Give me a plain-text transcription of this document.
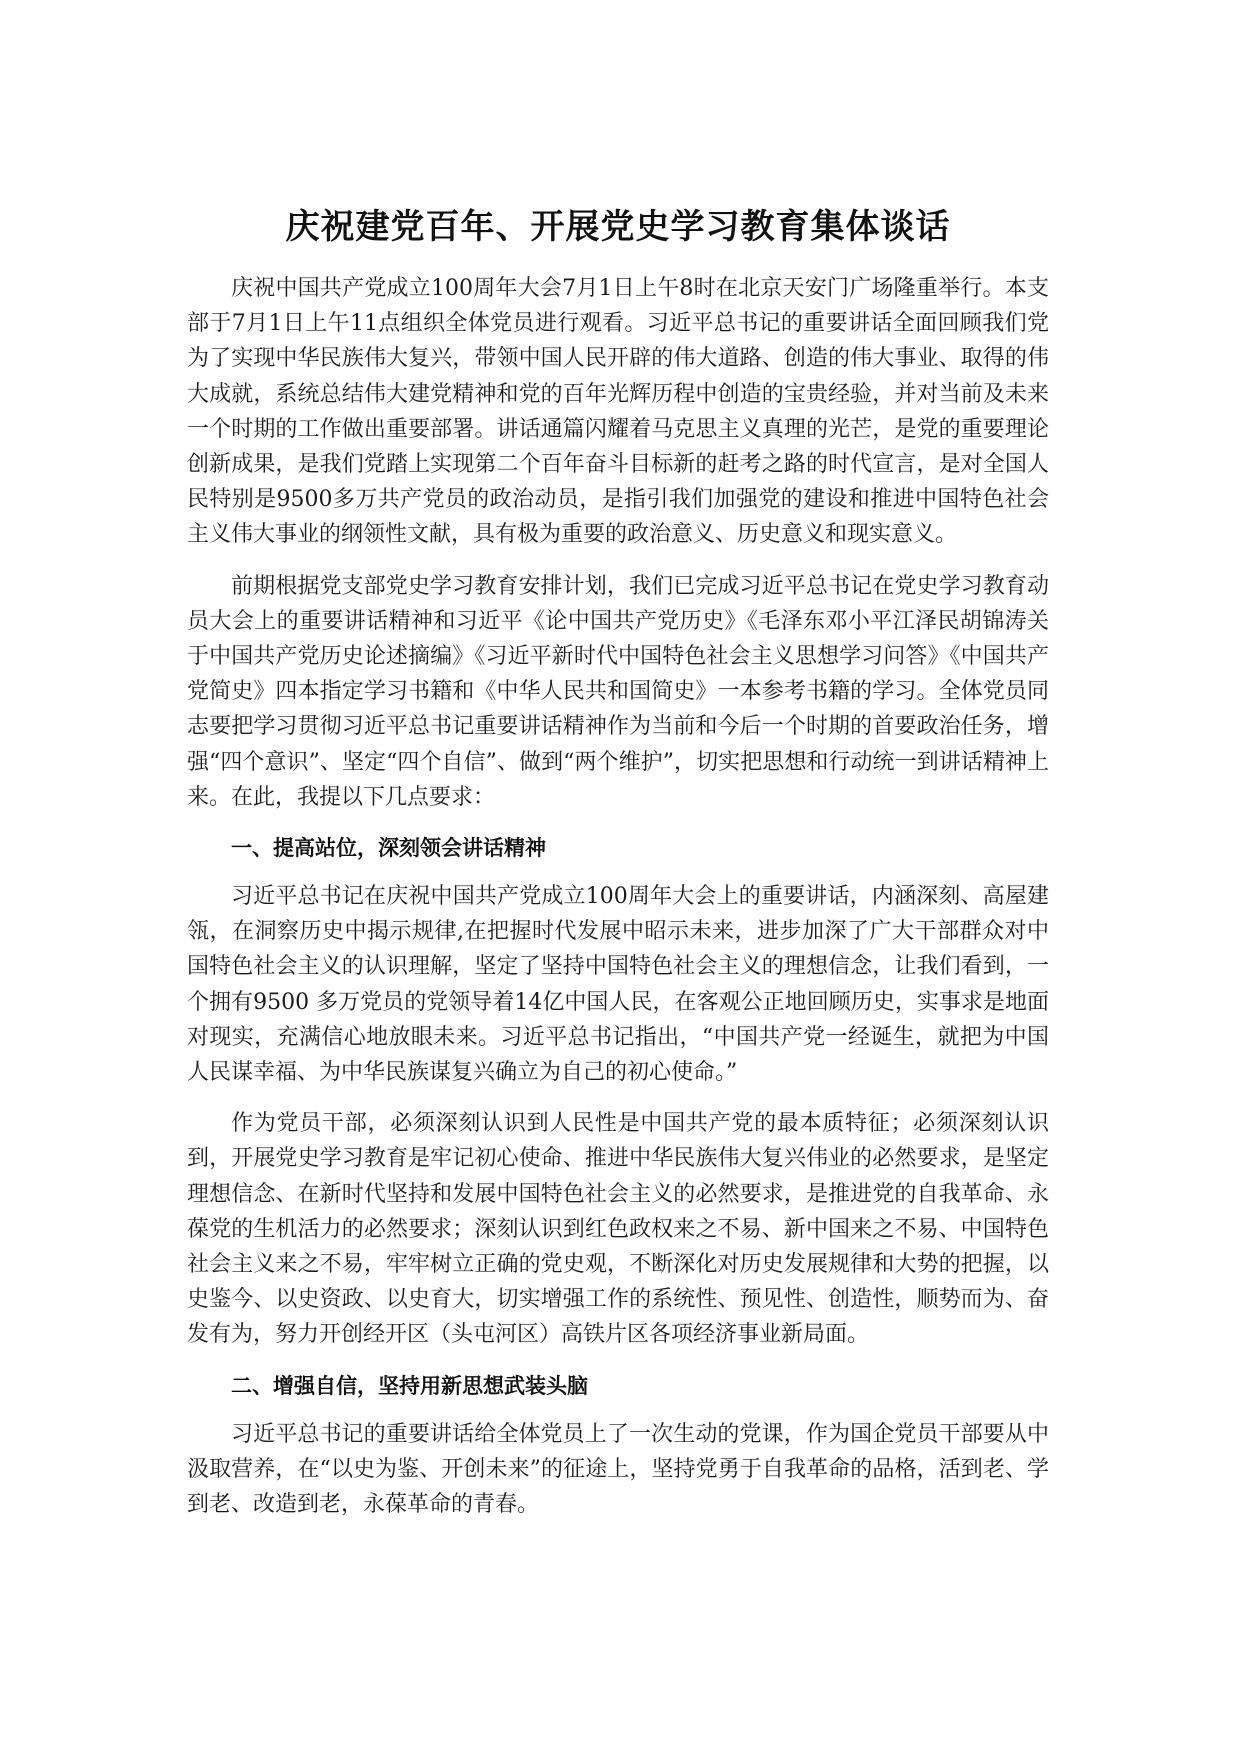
庆祝建党百年、开展党史学习教育集体谈话

庆祝中国共产党成立100周年大会7月1日上午8时在北京天安门广场隆重举行。本支部于7月1日上午11点组织全体党员进行观看。习近平总书记的重要讲话全面回顾我们党为了实现中华民族伟大复兴，带领中国人民开辟的伟大道路、创造的伟大事业、取得的伟大成就，系统总结伟大建党精神和党的百年光辉历程中创造的宝贵经验，并对当前及未来一个时期的工作做出重要部署。讲话通篇闪耀着马克思主义真理的光芒，是党的重要理论创新成果，是我们党踏上实现第二个百年奋斗目标新的赶考之路的时代宣言，是对全国人民特别是9500多万共产党员的政治动员，是指引我们加强党的建设和推进中国特色社会主义伟大事业的纲领性文献，具有极为重要的政治意义、历史意义和现实意义。

前期根据党支部党史学习教育安排计划，我们已完成习近平总书记在党史学习教育动员大会上的重要讲话精神和习近平《论中国共产党历史》《毛泽东邓小平江泽民胡锦涛关于中国共产党历史论述摘编》《习近平新时代中国特色社会主义思想学习问答》《中国共产党简史》四本指定学习书籍和《中华人民共和国简史》一本参考书籍的学习。全体党员同志要把学习贯彻习近平总书记重要讲话精神作为当前和今后一个时期的首要政治任务，增强“四个意识”、坚定“四个自信”、做到“两个维护”，切实把思想和行动统一到讲话精神上来。在此，我提以下几点要求：

一、提高站位，深刻领会讲话精神

习近平总书记在庆祝中国共产党成立100周年大会上的重要讲话，内涵深刻、高屋建瓴，在洞察历史中揭示规律,在把握时代发展中昭示未来，进步加深了广大干部群众对中国特色社会主义的认识理解，坚定了坚持中国特色社会主义的理想信念，让我们看到，一个拥有9500 多万党员的党领导着14亿中国人民，在客观公正地回顾历史，实事求是地面对现实，充满信心地放眼未来。习近平总书记指出，“中国共产党一经诞生，就把为中国人民谋幸福、为中华民族谋复兴确立为自己的初心使命。”

作为党员干部，必须深刻认识到人民性是中国共产党的最本质特征；必须深刻认识到，开展党史学习教育是牢记初心使命、推进中华民族伟大复兴伟业的必然要求，是坚定理想信念、在新时代坚持和发展中国特色社会主义的必然要求，是推进党的自我革命、永葆党的生机活力的必然要求；深刻认识到红色政权来之不易、新中国来之不易、中国特色社会主义来之不易，牢牢树立正确的党史观，不断深化对历史发展规律和大势的把握，以史鉴今、以史资政、以史育大，切实增强工作的系统性、预见性、创造性，顺势而为、奋发有为，努力开创经开区（头屯河区）高铁片区各项经济事业新局面。

二、增强自信，坚持用新思想武装头脑

习近平总书记的重要讲话给全体党员上了一次生动的党课，作为国企党员干部要从中汲取营养，在“以史为鉴、开创未来”的征途上，坚持党勇于自我革命的品格，活到老、学到老、改造到老，永葆革命的青春。
